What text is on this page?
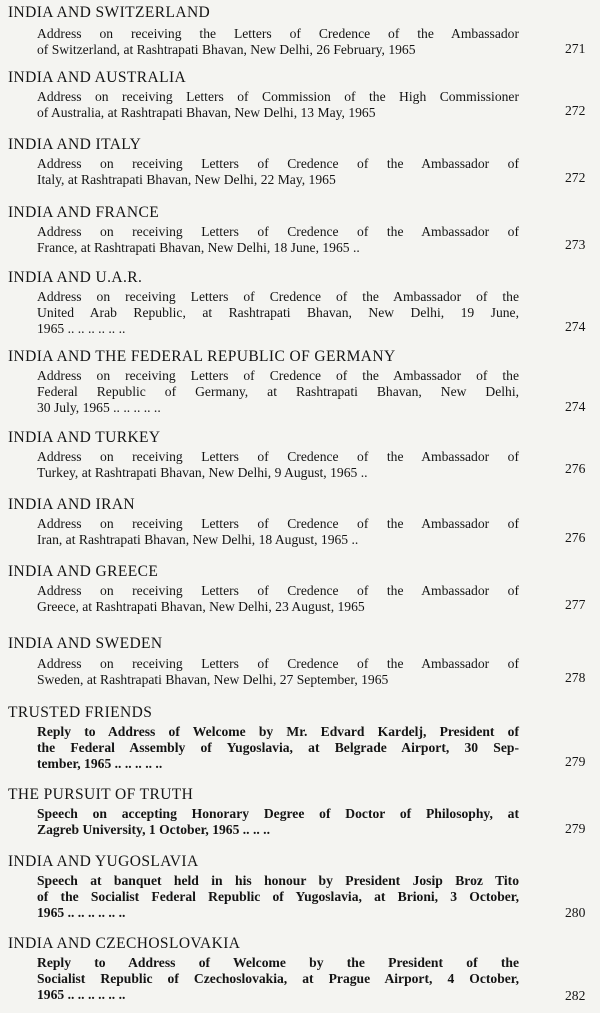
INDIA AND SWITZERLAND
Address on receiving the Letters of Credence of the Ambassador
of Switzerland, at Rashtrapati Bhavan, New Delhi, 26 February, 1965	271
INDIA AND AUSTRALIA
Address on receiving Letters of Commission of the High Commissioner
of Australia, at Rashtrapati Bhavan, New Delhi, 13 May, 1965	272
INDIA AND ITALY
Address on receiving Letters of Credence of the Ambassador of
Italy, at Rashtrapati Bhavan, New Delhi, 22 May, 1965	272
INDIA AND FRANCE
Address on receiving Letters of Credence of the Ambassador of
France, at Rashtrapati Bhavan, New Delhi, 18 June, 1965 ..	273
INDIA AND U.A.R.
Address on receiving Letters of Credence of the Ambassador of the
United Arab Republic, at Rashtrapati Bhavan, New Delhi, 19 June,
1965 .. .. .. .. .. ..	274
INDIA AND THE FEDERAL REPUBLIC OF GERMANY
Address on receiving Letters of Credence of the Ambassador of the
Federal Republic of Germany, at Rashtrapati Bhavan, New Delhi,
30 July, 1965 .. .. .. .. ..	274
INDIA AND TURKEY
Address on receiving Letters of Credence of the Ambassador of
Turkey, at Rashtrapati Bhavan, New Delhi, 9 August, 1965 ..	276
INDIA AND IRAN
Address on receiving Letters of Credence of the Ambassador of
Iran, at Rashtrapati Bhavan, New Delhi, 18 August, 1965 ..	276
INDIA AND GREECE
Address on receiving Letters of Credence of the Ambassador of
Greece, at Rashtrapati Bhavan, New Delhi, 23 August, 1965	277
INDIA AND SWEDEN
Address on receiving Letters of Credence of the Ambassador of
Sweden, at Rashtrapati Bhavan, New Delhi, 27 September, 1965	278
TRUSTED FRIENDS
Reply to Address of Welcome by Mr. Edvard Kardelj, President of
the Federal Assembly of Yugoslavia, at Belgrade Airport, 30 Sep-
tember, 1965 .. .. .. .. ..	279
THE PURSUIT OF TRUTH
Speech on accepting Honorary Degree of Doctor of Philosophy, at
Zagreb University, 1 October, 1965 .. .. ..	279
INDIA AND YUGOSLAVIA
Speech at banquet held in his honour by President Josip Broz Tito
of the Socialist Federal Republic of Yugoslavia, at Brioni, 3 October,
1965 .. .. .. .. .. ..	280
INDIA AND CZECHOSLOVAKIA
Reply to Address of Welcome by the President of the
Socialist Republic of Czechoslovakia, at Prague Airport, 4 October,
1965 .. .. .. .. .. ..	282
